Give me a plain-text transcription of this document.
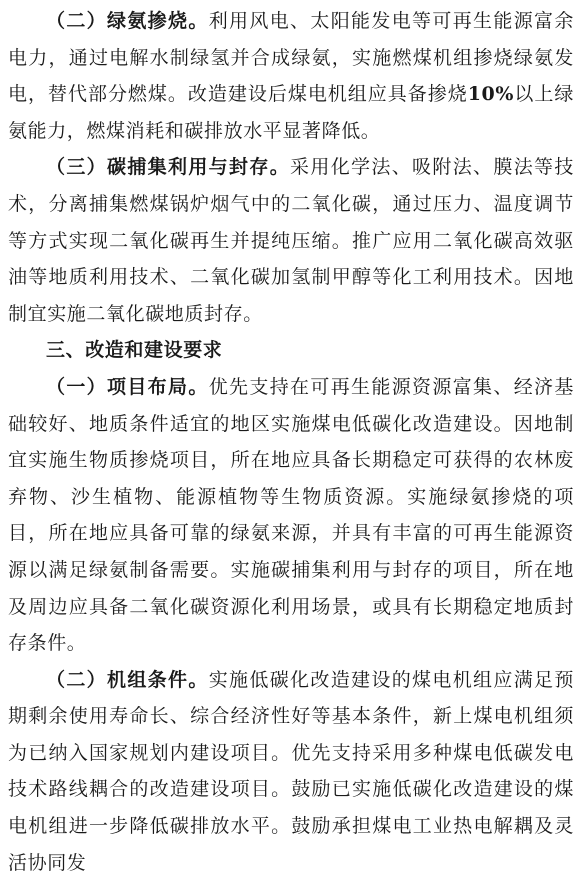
（二）绿氨掺烧。利用风电、太阳能发电等可再生能源富余电力，通过电解水制绿氢并合成绿氨，实施燃煤机组掺烧绿氨发电，替代部分燃煤。改造建设后煤电机组应具备掺烧10%以上绿氨能力，燃煤消耗和碳排放水平显著降低。

（三）碳捕集利用与封存。采用化学法、吸附法、膜法等技术，分离捕集燃煤锅炉烟气中的二氧化碳，通过压力、温度调节等方式实现二氧化碳再生并提纯压缩。推广应用二氧化碳高效驱油等地质利用技术、二氧化碳加氢制甲醇等化工利用技术。因地制宜实施二氧化碳地质封存。

三、改造和建设要求

（一）项目布局。优先支持在可再生能源资源富集、经济基础较好、地质条件适宜的地区实施煤电低碳化改造建设。因地制宜实施生物质掺烧项目，所在地应具备长期稳定可获得的农林废弃物、沙生植物、能源植物等生物质资源。实施绿氨掺烧的项目，所在地应具备可靠的绿氨来源，并具有丰富的可再生能源资源以满足绿氨制备需要。实施碳捕集利用与封存的项目，所在地及周边应具备二氧化碳资源化利用场景，或具有长期稳定地质封存条件。

（二）机组条件。实施低碳化改造建设的煤电机组应满足预期剩余使用寿命长、综合经济性好等基本条件，新上煤电机组须为已纳入国家规划内建设项目。优先支持采用多种煤电低碳发电技术路线耦合的改造建设项目。鼓励已实施低碳化改造建设的煤电机组进一步降低碳排放水平。鼓励承担煤电工业热电解耦及灵活协同发
